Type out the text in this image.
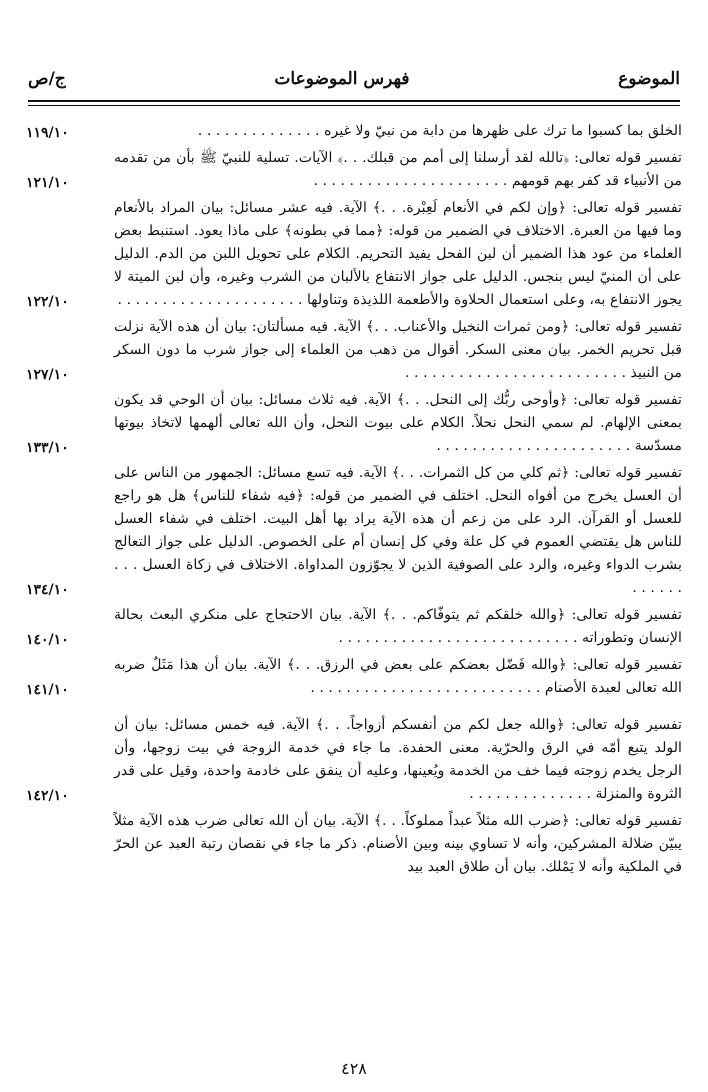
الموضوع
فهرس الموضوعات
ج/ص

الخلق بما كسبوا ما ترك على ظهرها من دابة من نبيّ ولا غيره . . . . . . . . . . . . . .

١١٩/١٠

تفسير قوله تعالى: ﴿تالله لقد أرسلنا إلى أمم من قبلك. . .﴾ الآيات. تسلية للنبيّ ﷺ بأن من تقدمه من الأنبياء قد كفر بهم قومهم . . . . . . . . . . . . . . . . . . . . . .

١٢١/١٠

تفسير قوله تعالى: ﴿وإن لكم في الأنعام لَعِبْرة. . .﴾ الآية. فيه عشر مسائل: بيان المراد بالأنعام وما فيها من العبرة. الاختلاف في الضمير من قوله: ﴿مما في بطونه﴾ على ماذا يعود. استنبط بعض العلماء من عود هذا الضمير أن لبن الفحل يفيد التحريم. الكلام على تحويل اللبن من الدم. الدليل على أن المنيّ ليس بنجس. الدليل على جواز الانتفاع بالألبان من الشرب وغيره، وأن لبن الميتة لا يجوز الانتفاع به، وعلى استعمال الحلاوة والأطعمة اللذيذة وتناولها . . . . . . . . . . . . . . . . . . . . .

١٢٢/١٠

تفسير قوله تعالى: ﴿ومن ثمرات النخيل والأعناب. . .﴾ الآية. فيه مسألتان: بيان أن هذه الآية نزلت قبل تحريم الخمر. بيان معنى السكر. أقوال من ذهب من العلماء إلى جواز شرب ما دون السكر من النبيذ . . . . . . . . . . . . . . . . . . . . . . . . .

١٢٧/١٠

تفسير قوله تعالى: ﴿وأوحى ربُّك إلى النحل. . .﴾ الآية. فيه ثلاث مسائل: بيان أن الوحي قد يكون بمعنى الإلهام. لم سمي النحل نحلاً. الكلام على بيوت النحل، وأن الله تعالى ألهمها لاتخاذ بيوتها مسدّسة . . . . . . . . . . . . . . . . . . . . . .

١٣٣/١٠

تفسير قوله تعالى: ﴿ثم كلي من كل الثمرات. . .﴾ الآية. فيه تسع مسائل: الجمهور من الناس على أن العسل يخرج من أفواه النحل. اختلف في الضمير من قوله: ﴿فيه شفاء للناس﴾ هل هو راجع للعسل أو القرآن. الرد على من زعم أن هذه الآية يراد بها أهل البيت. اختلف في شفاء العسل للناس هل يقتضي العموم في كل علة وفي كل إنسان أم على الخصوص. الدليل على جواز التعالج بشرب الدواء وغيره، والرد على الصوفية الذين لا يجوّزون المداواة. الاختلاف في زكاة العسل . . . . . . . . .

١٣٤/١٠

تفسير قوله تعالى: ﴿والله خلقكم ثم يتوفّاكم. . .﴾ الآية. بيان الاحتجاج على منكري البعث بحالة الإنسان وتطوراته . . . . . . . . . . . . . . . . . . . . . . . . . . .

١٤٠/١٠

تفسير قوله تعالى: ﴿والله فَضّل بعضكم على بعض في الرزق. . .﴾ الآية. بيان أن هذا مَثَلٌ ضربه الله تعالى لعبدة الأصنام . . . . . . . . . . . . . . . . . . . . . . . . . .

١٤١/١٠

تفسير قوله تعالى: ﴿والله جعل لكم من أنفسكم أزواجاً. . .﴾ الآية. فيه خمس مسائل: بيان أن الولد يتبع أمّه في الرق والحرّية. معنى الحفدة. ما جاء في خدمة الزوجة في بيت زوجها، وأن الرجل يخدم زوجته فيما خف من الخدمة ويُعينها، وعليه أن ينفق على خادمة واحدة، وقيل على قدر الثروة والمنزلة . . . . . . . . . . . . . .

١٤٢/١٠

تفسير قوله تعالى: ﴿ضرب الله مثلاً عبداً مملوكاً. . .﴾ الآية. بيان أن الله تعالى ضرب هذه الآية مثلاً يبيّن ضلالة المشركين، وأنه لا تساوي بينه وبين الأصنام. ذكر ما جاء في نقصان رتبة العبد عن الحرّ في الملكية وأنه لا يَمْلك. بيان أن طلاق العبد بيد

٤٢٨
